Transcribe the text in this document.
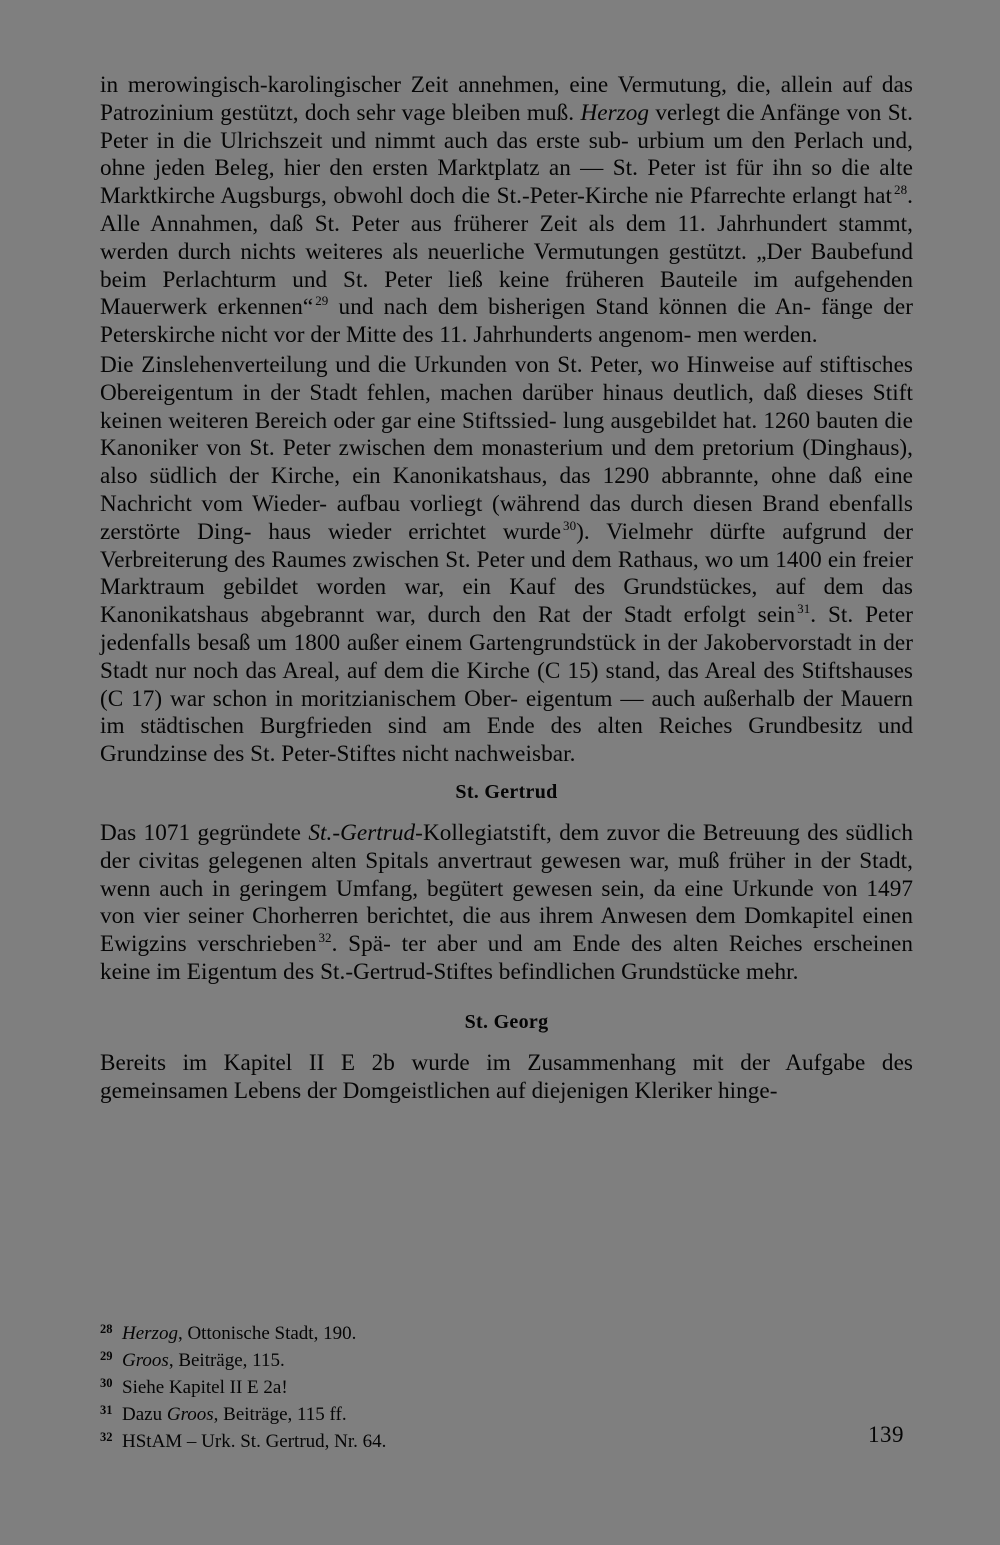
in merowingisch-karolingischer Zeit annehmen, eine Vermutung, die, allein auf das Patrozinium gestützt, doch sehr vage bleiben muß. Herzog verlegt die Anfänge von St. Peter in die Ulrichszeit und nimmt auch das erste sub- urbium um den Perlach und, ohne jeden Beleg, hier den ersten Marktplatz an — St. Peter ist für ihn so die alte Marktkirche Augsburgs, obwohl doch die St.-Peter-Kirche nie Pfarrechte erlangt hat $^{28}$. Alle Annahmen, daß St. Peter aus früherer Zeit als dem 11. Jahrhundert stammt, werden durch nichts weiteres als neuerliche Vermutungen gestützt. „Der Baubefund beim Perlachturm und St. Peter ließ keine früheren Bauteile im aufgehenden Mauerwerk erkennen“ $^{29}$ und nach dem bisherigen Stand können die An- fänge der Peterskirche nicht vor der Mitte des 11. Jahrhunderts angenom- men werden.

Die Zinslehenverteilung und die Urkunden von St. Peter, wo Hinweise auf stiftisches Obereigentum in der Stadt fehlen, machen darüber hinaus deutlich, daß dieses Stift keinen weiteren Bereich oder gar eine Stiftssied- lung ausgebildet hat. 1260 bauten die Kanoniker von St. Peter zwischen dem monasterium und dem pretorium (Dinghaus), also südlich der Kirche, ein Kanonikatshaus, das 1290 abbrannte, ohne daß eine Nachricht vom Wieder- aufbau vorliegt (während das durch diesen Brand ebenfalls zerstörte Ding- haus wieder errichtet wurde $^{30}$). Vielmehr dürfte aufgrund der Verbreiterung des Raumes zwischen St. Peter und dem Rathaus, wo um 1400 ein freier Marktraum gebildet worden war, ein Kauf des Grundstückes, auf dem das Kanonikatshaus abgebrannt war, durch den Rat der Stadt erfolgt sein $^{31}$. St. Peter jedenfalls besaß um 1800 außer einem Gartengrundstück in der Jakobervorstadt in der Stadt nur noch das Areal, auf dem die Kirche (C 15) stand, das Areal des Stiftshauses (C 17) war schon in moritzianischem Ober- eigentum — auch außerhalb der Mauern im städtischen Burgfrieden sind am Ende des alten Reiches Grundbesitz und Grundzinse des St. Peter-Stiftes nicht nachweisbar.

St. Gertrud

Das 1071 gegründete St.-Gertrud-Kollegiatstift, dem zuvor die Betreuung des südlich der civitas gelegenen alten Spitals anvertraut gewesen war, muß früher in der Stadt, wenn auch in geringem Umfang, begütert gewesen sein, da eine Urkunde von 1497 von vier seiner Chorherren berichtet, die aus ihrem Anwesen dem Domkapitel einen Ewigzins verschrieben $^{32}$. Spä- ter aber und am Ende des alten Reiches erscheinen keine im Eigentum des St.-Gertrud-Stiftes befindlichen Grundstücke mehr.

St. Georg

Bereits im Kapitel II E 2b wurde im Zusammenhang mit der Aufgabe des gemeinsamen Lebens der Domgeistlichen auf diejenigen Kleriker hinge-

28 Herzog, Ottonische Stadt, 190.

29 Groos, Beiträge, 115.

30 Siehe Kapitel II E 2a!

31 Dazu Groos, Beiträge, 115 ff.

32 HStAM – Urk. St. Gertrud, Nr. 64.	139
